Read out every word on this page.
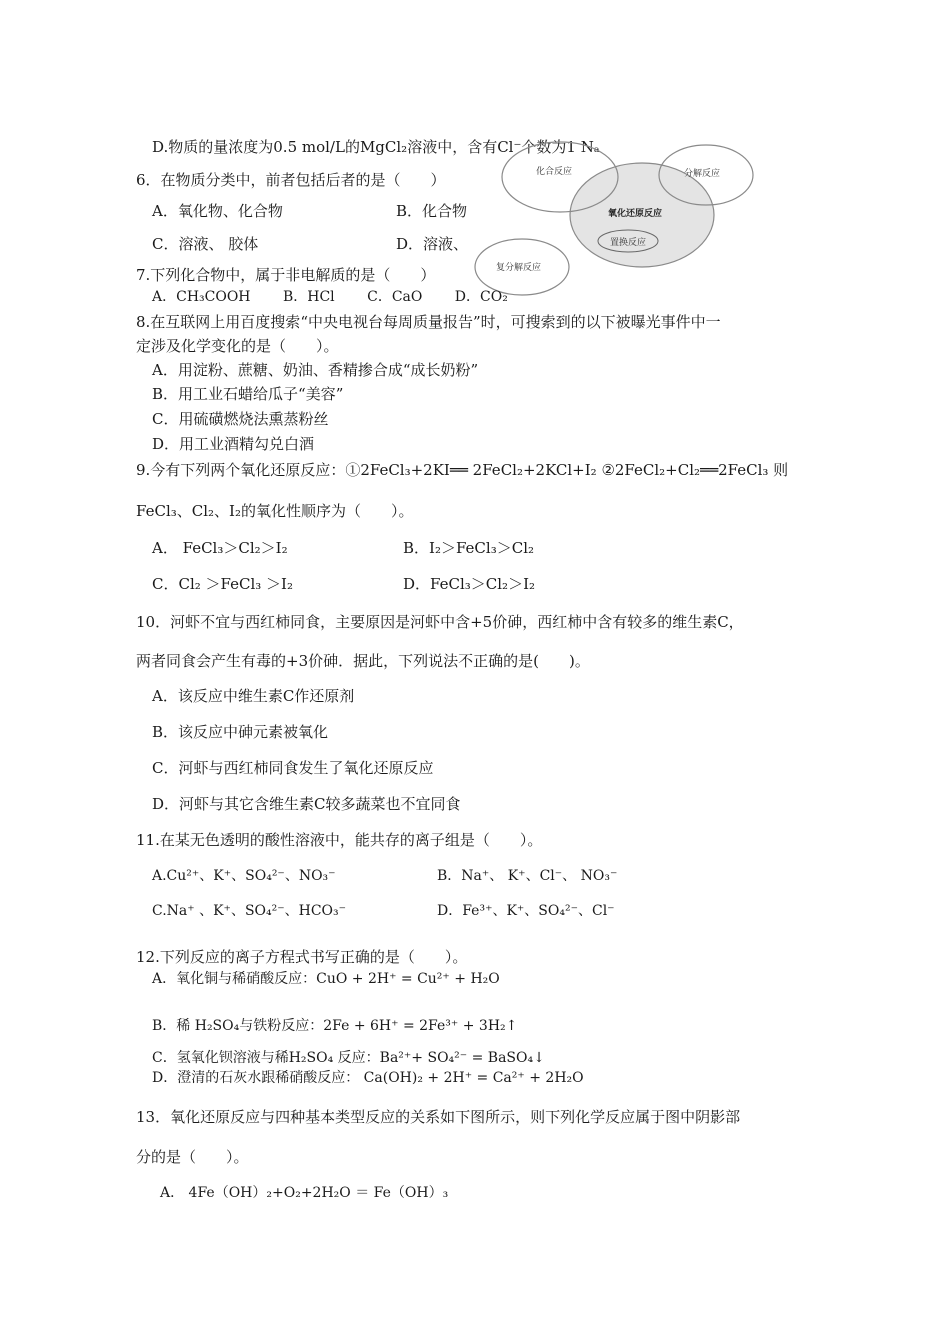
D.物质的量浓度为0.5 mol/L的MgCl₂溶液中，含有Cl⁻个数为1 Nₐ
6．在物质分类中，前者包括后者的是（　　）
A．氧化物、化合物	B．化合物
C．溶液、 胶体	D．溶液、
化合反应	分解反应
氧化还原反应
置换反应
复分解反应
7.下列化合物中，属于非电解质的是（　　）
A．CH₃COOH　　 B．HCl　　 C．CaO　　 D．CO₂
8.在互联网上用百度搜索“中央电视台每周质量报告”时，可搜索到的以下被曝光事件中一
定涉及化学变化的是（　　）。
A．用淀粉、蔗糖、奶油、香精掺合成“成长奶粉”
B．用工业石蜡给瓜子“美容”
C．用硫磺燃烧法熏蒸粉丝
D．用工业酒精勾兑白酒
9.今有下列两个氧化还原反应：①2FeCl₃+2KI══ 2FeCl₂+2KCl+I₂ ②2FeCl₂+Cl₂══2FeCl₃ 则
FeCl₃、Cl₂、I₂的氧化性顺序为（　　）。
A． FeCl₃＞Cl₂＞I₂	B．I₂＞FeCl₃＞Cl₂
C．Cl₂ ＞FeCl₃ ＞I₂	D．FeCl₃＞Cl₂＞I₂
10．河虾不宜与西红柿同食，主要原因是河虾中含+5价砷，西红柿中含有较多的维生素C，
两者同食会产生有毒的+3价砷．据此，下列说法不正确的是(　　)。
A．该反应中维生素C作还原剂
B．该反应中砷元素被氧化
C．河虾与西红柿同食发生了氧化还原反应
D．河虾与其它含维生素C较多蔬菜也不宜同食
11.在某无色透明的酸性溶液中，能共存的离子组是（　　）。
A.Cu²⁺、K⁺、SO₄²⁻、NO₃⁻	B．Na⁺、 K⁺、Cl⁻、 NO₃⁻
C.Na⁺ 、K⁺、SO₄²⁻、HCO₃⁻	D．Fe³⁺、K⁺、SO₄²⁻、Cl⁻
12.下列反应的离子方程式书写正确的是（　　）。
A．氧化铜与稀硝酸反应：CuO + 2H⁺ = Cu²⁺ + H₂O
B．稀 H₂SO₄与铁粉反应：2Fe + 6H⁺ = 2Fe³⁺ + 3H₂↑
C．氢氧化钡溶液与稀H₂SO₄ 反应：Ba²⁺+ SO₄²⁻ = BaSO₄↓
D．澄清的石灰水跟稀硝酸反应： Ca(OH)₂ + 2H⁺ = Ca²⁺ + 2H₂O
13．氧化还原反应与四种基本类型反应的关系如下图所示，则下列化学反应属于图中阴影部
分的是（　　）。
A． 4Fe（OH）₂+O₂+2H₂O ＝ Fe（OH）₃
